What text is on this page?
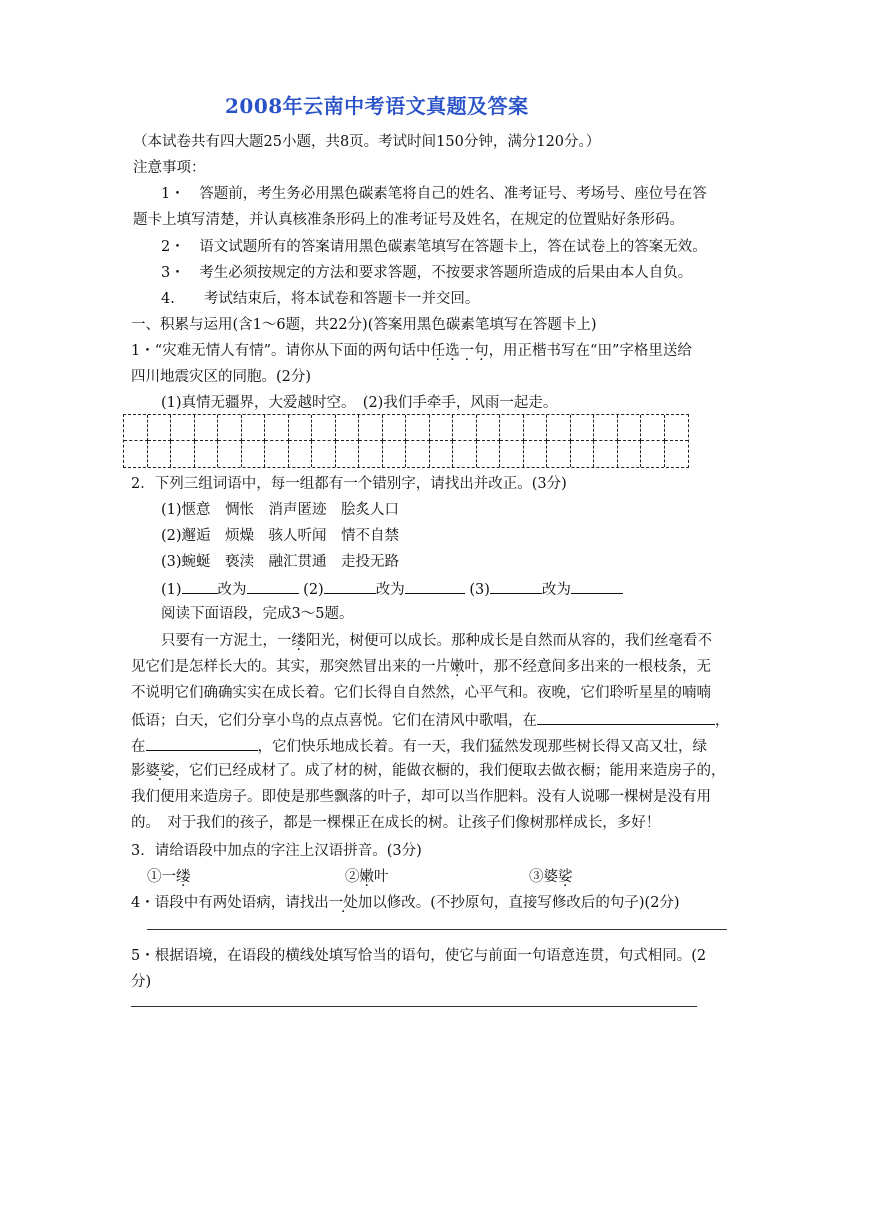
2008年云南中考语文真题及答案
（本试卷共有四大题25小题，共8页。考试时间150分钟，满分120分。）
注意事项：
1・　答题前，考生务必用黑色碳素笔将自己的姓名、准考证号、考场号、座位号在答
题卡上填写清楚，并认真核准条形码上的准考证号及姓名，在规定的位置贴好条形码。
2・　语文试题所有的答案请用黑色碳素笔填写在答题卡上，答在试卷上的答案无效。
3・　考生必须按规定的方法和要求答题，不按要求答题所造成的后果由本人自负。
4.　　考试结束后，将本试卷和答题卡一并交回。
一、积累与运用(含1～6题，共22分)(答案用黑色碳素笔填写在答题卡上)
1・“灾难无情人有情”。请你从下面的两句话中任选一句，用正楷书写在“田”字格里送给
四川地震灾区的同胞。(2分)
(1)真情无疆界，大爱越时空。　(2)我们手牵手，风雨一起走。
2．下列三组词语中，每一组都有一个错别字，请找出并改正。(3分)
(1)惬意　惆怅　消声匿迹　脍炙人口
(2)邂逅　烦燥　骇人听闻　情不自禁
(3)蜿蜒　亵渎　融汇贯通　走投无路
(1) 改为	(2)	改为	(3)	改为
阅读下面语段，完成3～5题。
只要有一方泥土，一缕阳光，树便可以成长。那种成长是自然而从容的，我们丝毫看不
见它们是怎样长大的。其实，那突然冒出来的一片嫩叶，那不经意间多出来的一根枝条，无
不说明它们确确实实在成长着。它们长得自自然然，心平气和。夜晚，它们聆听星星的喃喃
低语；白天，它们分享小鸟的点点喜悦。它们在清风中歌唱，在	，
在	，它们快乐地成长着。有一天，我们猛然发现那些树长得又高又壮，绿
影婆娑，它们已经成材了。成了材的树，能做衣橱的，我们便取去做衣橱；能用来造房子的，
我们便用来造房子。即使是那些飘落的叶子，却可以当作肥料。没有人说哪一棵树是没有用
的。　对于我们的孩子，都是一棵棵正在成长的树。让孩子们像树那样成长，多好！
3．请给语段中加点的字注上汉语拼音。(3分)
①一缕	②嫩叶	③婆娑
4・语段中有两处语病，请找出一处加以修改。(不抄原句，直接写修改后的句子)(2分)
5・根据语境，在语段的横线处填写恰当的语句，使它与前面一句语意连贯，句式相同。(2
分)
